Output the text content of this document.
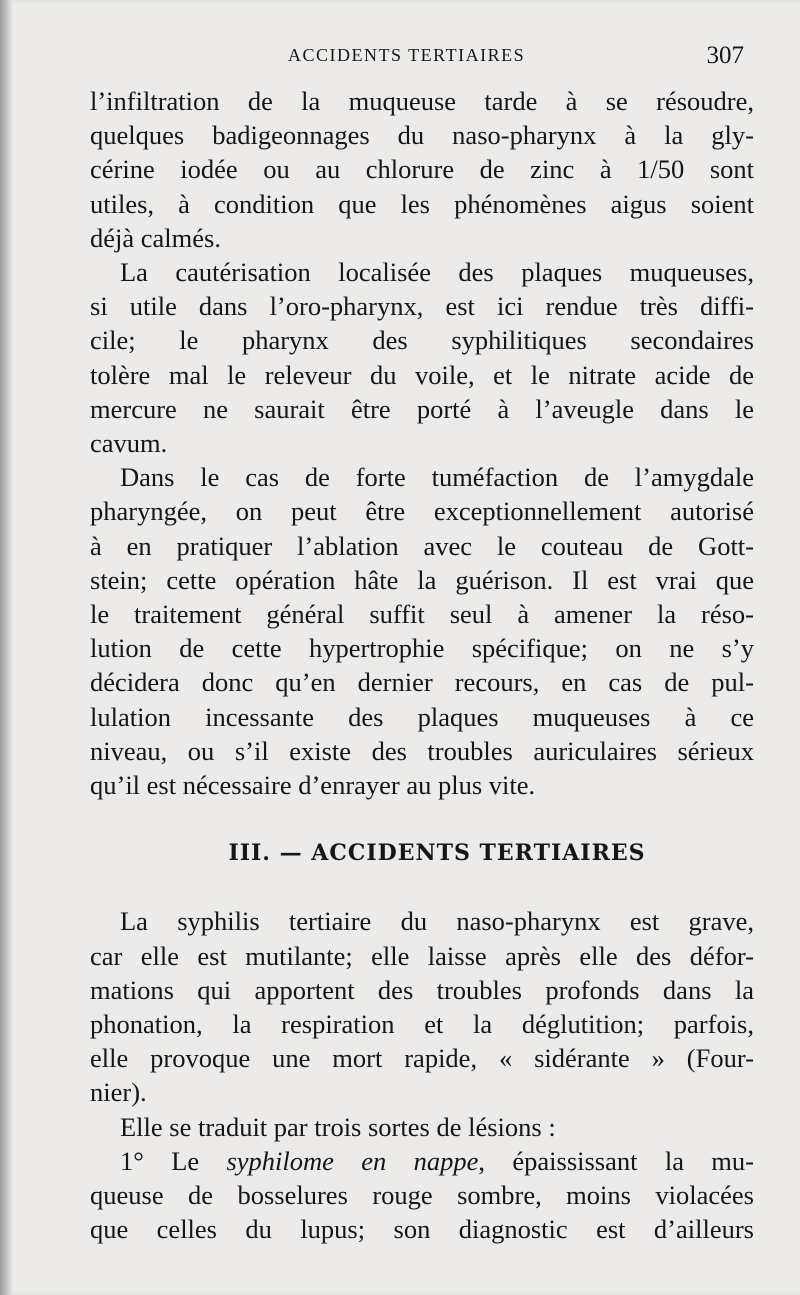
ACCIDENTS TERTIAIRES	307
l’infiltration de la muqueuse tarde à se résoudre,
quelques badigeonnages du naso-pharynx à la gly-
cérine iodée ou au chlorure de zinc à 1/50 sont
utiles, à condition que les phénomènes aigus soient
déjà calmés.
La cautérisation localisée des plaques muqueuses,
si utile dans l’oro-pharynx, est ici rendue très diffi-
cile; le pharynx des syphilitiques secondaires
tolère mal le releveur du voile, et le nitrate acide de
mercure ne saurait être porté à l’aveugle dans le
cavum.
Dans le cas de forte tuméfaction de l’amygdale
pharyngée, on peut être exceptionnellement autorisé
à en pratiquer l’ablation avec le couteau de Gott-
stein; cette opération hâte la guérison. Il est vrai que
le traitement général suffit seul à amener la réso-
lution de cette hypertrophie spécifique; on ne s’y
décidera donc qu’en dernier recours, en cas de pul-
lulation incessante des plaques muqueuses à ce
niveau, ou s’il existe des troubles auriculaires sérieux
qu’il est nécessaire d’enrayer au plus vite.
III. — ACCIDENTS TERTIAIRES
La syphilis tertiaire du naso-pharynx est grave,
car elle est mutilante; elle laisse après elle des défor-
mations qui apportent des troubles profonds dans la
phonation, la respiration et la déglutition; parfois,
elle provoque une mort rapide, « sidérante » (Four-
nier).
Elle se traduit par trois sortes de lésions :
1° Le syphilome en nappe, épaississant la mu-
queuse de bosselures rouge sombre, moins violacées
que celles du lupus; son diagnostic est d’ailleurs
